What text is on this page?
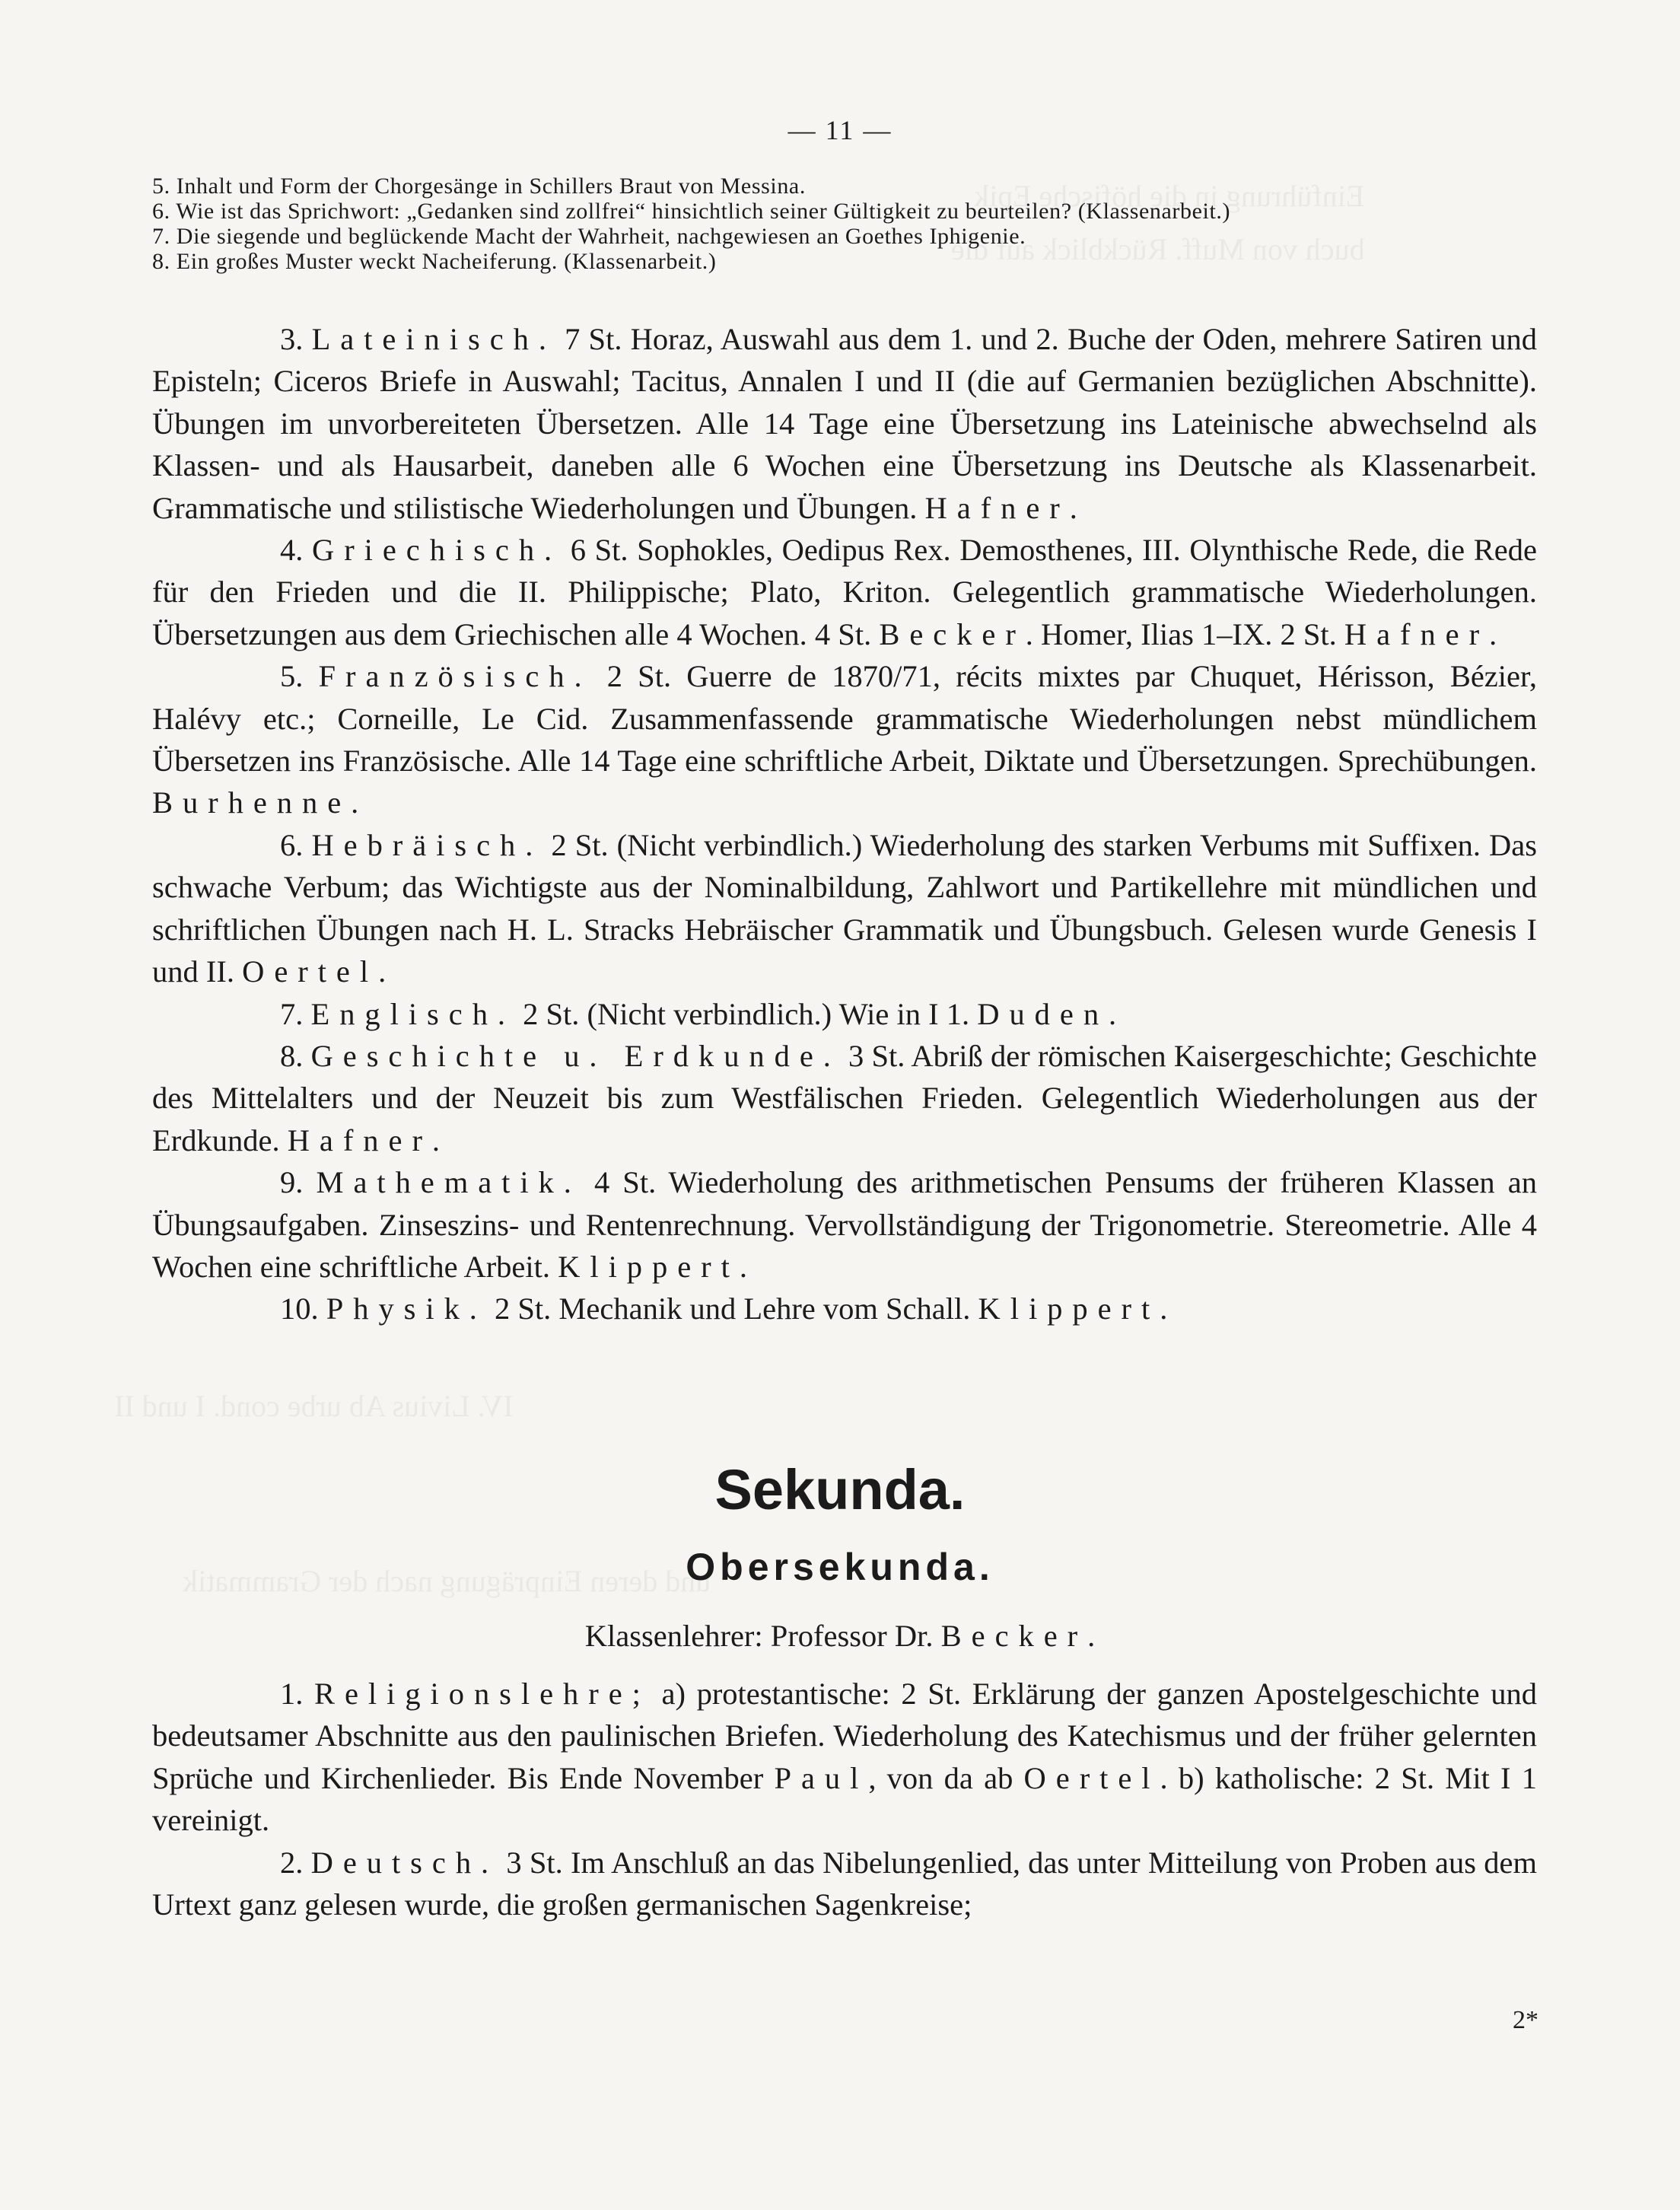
Einführung in die höfische Epik
buch von Muff. Rückblick auf die
IV. Livius Ab urbe cond. I und II
und deren Einprägung nach der Grammatik
— 11 —
5. Inhalt und Form der Chorgesänge in Schillers Braut von Messina.
6. Wie ist das Sprichwort: „Gedanken sind zollfrei“ hinsichtlich seiner Gültigkeit zu beurteilen? (Klassenarbeit.)
7. Die siegende und beglückende Macht der Wahrheit, nachgewiesen an Goethes Iphigenie.
8. Ein großes Muster weckt Nacheiferung. (Klassenarbeit.)

3. Lateinisch. 7 St. Horaz, Auswahl aus dem 1. und 2. Buche der Oden, mehrere Satiren und Episteln; Ciceros Briefe in Auswahl; Tacitus, Annalen I und II (die auf Germanien bezüglichen Abschnitte). Übungen im unvorbereiteten Übersetzen. Alle 14 Tage eine Übersetzung ins Lateinische abwechselnd als Klassen- und als Hausarbeit, daneben alle 6 Wochen eine Übersetzung ins Deutsche als Klassenarbeit. Grammatische und stilistische Wiederholungen und Übungen. Hafner.

4. Griechisch. 6 St. Sophokles, Oedipus Rex. Demosthenes, III. Olynthische Rede, die Rede für den Frieden und die II. Philippische; Plato, Kriton. Gelegentlich grammatische Wiederholungen. Übersetzungen aus dem Griechischen alle 4 Wochen. 4 St. Becker. Homer, Ilias 1–IX. 2 St. Hafner.

5. Französisch. 2 St. Guerre de 1870/71, récits mixtes par Chuquet, Hérisson, Bézier, Halévy etc.; Corneille, Le Cid. Zusammenfassende grammatische Wiederholungen nebst mündlichem Übersetzen ins Französische. Alle 14 Tage eine schriftliche Arbeit, Diktate und Übersetzungen. Sprechübungen. Burhenne.

6. Hebräisch. 2 St. (Nicht verbindlich.) Wiederholung des starken Verbums mit Suffixen. Das schwache Verbum; das Wichtigste aus der Nominalbildung, Zahlwort und Partikellehre mit mündlichen und schriftlichen Übungen nach H. L. Stracks Hebräischer Grammatik und Übungsbuch. Gelesen wurde Genesis I und II. Oertel.

7. Englisch. 2 St. (Nicht verbindlich.) Wie in I 1. Duden.

8. Geschichte u. Erdkunde. 3 St. Abriß der römischen Kaisergeschichte; Geschichte des Mittelalters und der Neuzeit bis zum Westfälischen Frieden. Gelegentlich Wiederholungen aus der Erdkunde. Hafner.

9. Mathematik. 4 St. Wiederholung des arithmetischen Pensums der früheren Klassen an Übungsaufgaben. Zinseszins- und Rentenrechnung. Vervollständigung der Trigonometrie. Stereometrie. Alle 4 Wochen eine schriftliche Arbeit. Klippert.

10. Physik. 2 St. Mechanik und Lehre vom Schall. Klippert.

Sekunda.
Obersekunda.
Klassenlehrer: Professor Dr. Becker.

1. Religionslehre; a) protestantische: 2 St. Erklärung der ganzen Apostelgeschichte und bedeutsamer Abschnitte aus den paulinischen Briefen. Wiederholung des Katechismus und der früher gelernten Sprüche und Kirchenlieder. Bis Ende November Paul, von da ab Oertel. b) katholische: 2 St. Mit I 1 vereinigt.

2. Deutsch. 3 St. Im Anschluß an das Nibelungenlied, das unter Mitteilung von Proben aus dem Urtext ganz gelesen wurde, die großen germanischen Sagenkreise;

2*
